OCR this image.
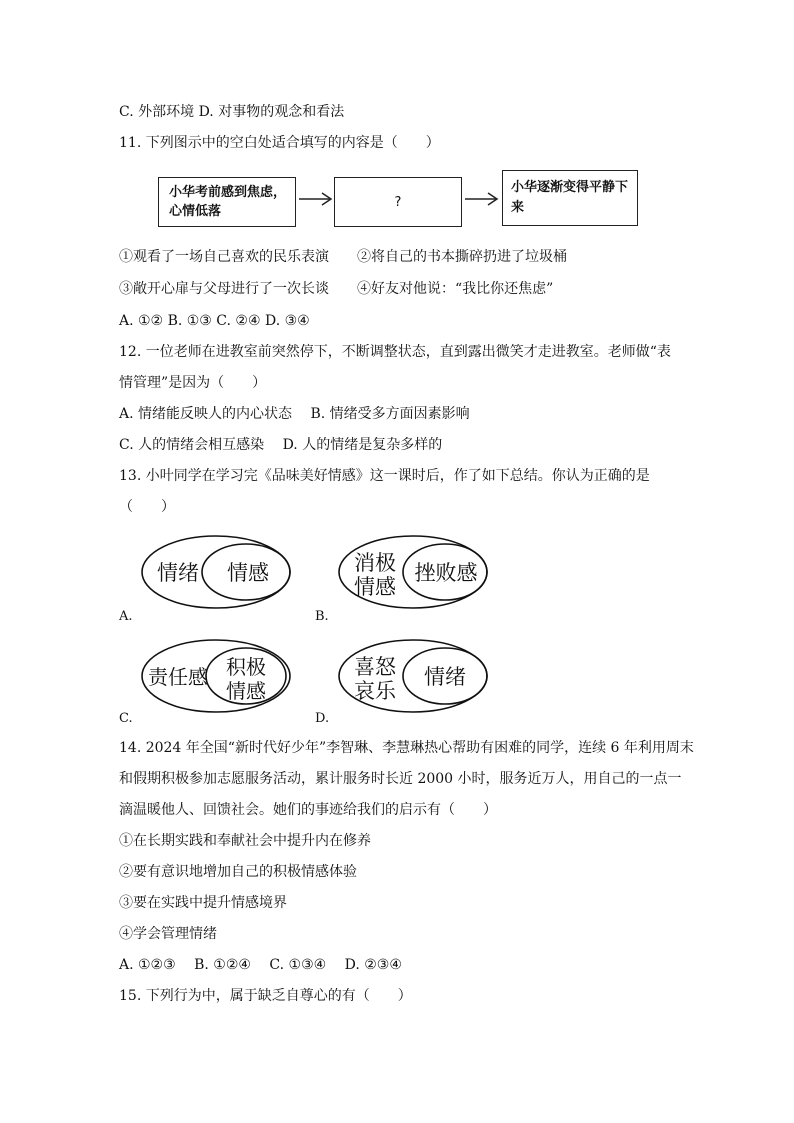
C. 外部环境 D. 对事物的观念和看法
11. 下列图示中的空白处适合填写的内容是（　　）
小华考前感到焦虑，
心情低落
?
小华逐渐变得平静下
来
①观看了一场自己喜欢的民乐表演　　②将自己的书本撕碎扔进了垃圾桶
③敞开心扉与父母进行了一次长谈　　④好友对他说：“我比你还焦虑”
A. ①② B. ①③ C. ②④ D. ③④
12. 一位老师在进教室前突然停下，不断调整状态，直到露出微笑才走进教室。老师做“表
情管理”是因为（　　）
A. 情绪能反映人的内心状态　 B. 情绪受多方面因素影响
C. 人的情绪会相互感染　 D. 人的情绪是复杂多样的
13. 小叶同学在学习完《品味美好情感》这一课时后，作了如下总结。你认为正确的是
（　　）
情绪 情感
A.
消极
情感
挫败感
B.
责任感 积极
情感
C.
喜怒
哀乐
情绪
D.
14. 2024 年全国“新时代好少年”李智琳、李慧琳热心帮助有困难的同学，连续 6 年利用周末
和假期积极参加志愿服务活动，累计服务时长近 2000 小时，服务近万人，用自己的一点一
滴温暖他人、回馈社会。她们的事迹给我们的启示有（　　）
①在长期实践和奉献社会中提升内在修养
②要有意识地增加自己的积极情感体验
③要在实践中提升情感境界
④学会管理情绪
A. ①②③　 B. ①②④　 C. ①③④　 D. ②③④
15. 下列行为中，属于缺乏自尊心的有（　　）
